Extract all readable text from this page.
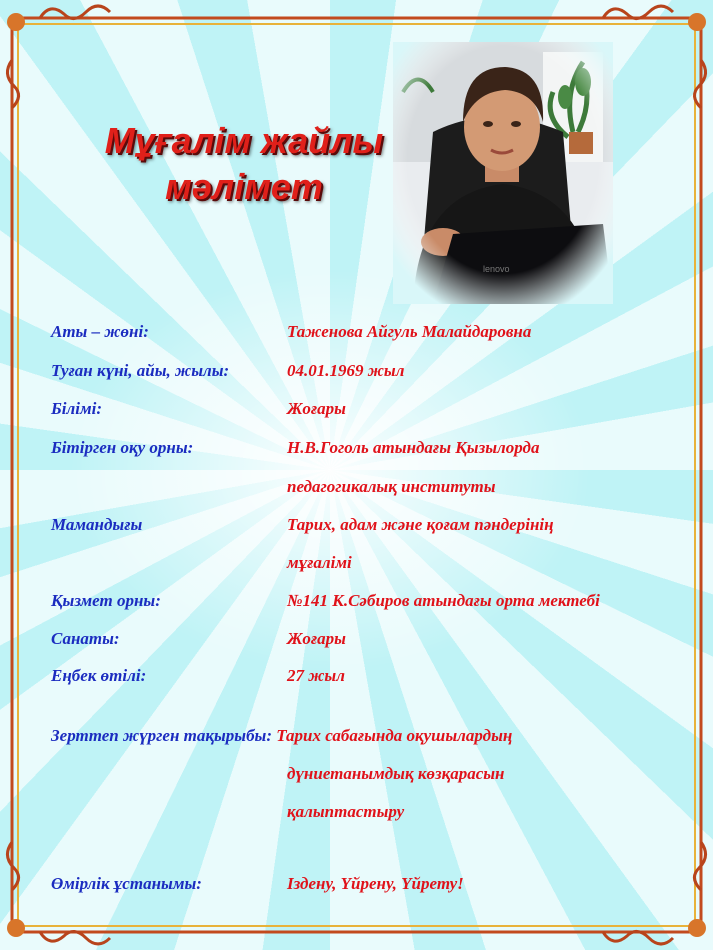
Мұғалім жайлы
мәлімет
Аты – жөні:	Таженова Айгуль Малайдаровна
Туған күні, айы, жылы:	04.01.1969 жыл
Білімі:	Жоғары
Бітірген оқу орны:	Н.В.Гоголь атындағы Қызылорда
педагогикалық институты
Мамандығы	Тарих, адам және қоғам пәндерінің
мұғалімі
Қызмет орны:	№141 К.Сәбиров атындағы орта мектебі
Санаты:	Жоғары
Еңбек өтілі:	27 жыл
Зерттеп жүрген тақырыбы: Тарих сабағында оқушылардың
дүниетанымдық көзқарасын
қалыптастыру
Өмірлік ұстанымы:	Іздену, Үйрену, Үйрету!
